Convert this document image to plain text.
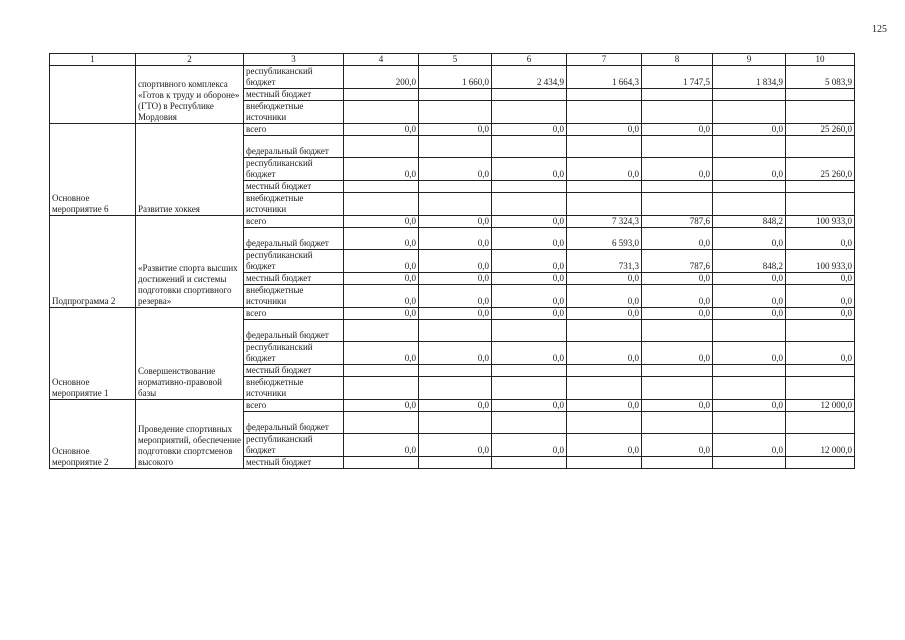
125
1	2	3	4	5	6	7	8	9	10
	спортивного комплекса «Готов к труду и обороне» (ГТО) в Республике Мордовия	республиканский бюджет	200,0	1 660,0	2 434,9	1 664,3	1 747,5	1 834,9	5 083,9
		местный бюджет							
		внебюджетные источники							
Основное мероприятие 6	Развитие хоккея	всего	0,0	0,0	0,0	0,0	0,0	0,0	25 260,0
		федеральный бюджет							
		республиканский бюджет	0,0	0,0	0,0	0,0	0,0	0,0	25 260,0
		местный бюджет							
		внебюджетные источники							
Подпрограмма 2	«Развитие спорта высших достижений и системы подготовки спортивного резерва»	всего	0,0	0,0	0,0	7 324,3	787,6	848,2	100 933,0
		федеральный бюджет	0,0	0,0	0,0	6 593,0	0,0	0,0	0,0
		республиканский бюджет	0,0	0,0	0,0	731,3	787,6	848,2	100 933,0
		местный бюджет	0,0	0,0	0,0	0,0	0,0	0,0	0,0
		внебюджетные источники	0,0	0,0	0,0	0,0	0,0	0,0	0,0
Основное мероприятие 1	Совершенствование нормативно-правовой базы	всего	0,0	0,0	0,0	0,0	0,0	0,0	0,0
		федеральный бюджет							
		республиканский бюджет	0,0	0,0	0,0	0,0	0,0	0,0	0,0
		местный бюджет							
		внебюджетные источники							
Основное мероприятие 2	Проведение спортивных мероприятий, обеспечение подготовки спортсменов высокого	всего	0,0	0,0	0,0	0,0	0,0	0,0	12 000,0
		федеральный бюджет							
		республиканский бюджет	0,0	0,0	0,0	0,0	0,0	0,0	12 000,0
		местный бюджет							
